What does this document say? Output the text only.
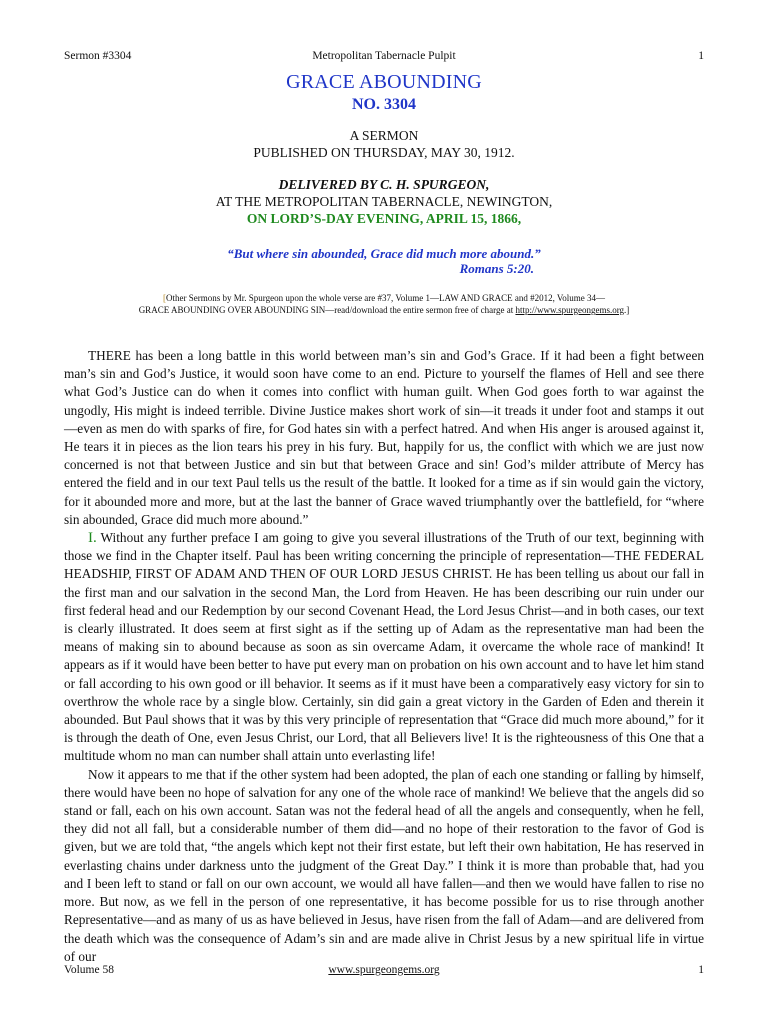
Sermon #3304	Metropolitan Tabernacle Pulpit	1
GRACE ABOUNDING
NO. 3304
A SERMON
PUBLISHED ON THURSDAY, MAY 30, 1912.
DELIVERED BY C. H. SPURGEON,
AT THE METROPOLITAN TABERNACLE, NEWINGTON,
ON LORD’S-DAY EVENING, APRIL 15, 1866,
“But where sin abounded, Grace did much more abound.”
Romans 5:20.
[Other Sermons by Mr. Spurgeon upon the whole verse are #37, Volume 1—LAW AND GRACE and #2012, Volume 34—
GRACE ABOUNDING OVER ABOUNDING SIN—read/download the entire sermon free of charge at http://www.spurgeongems.org.]

THERE has been a long battle in this world between man’s sin and God’s Grace. If it had been a fight between man’s sin and God’s Justice, it would soon have come to an end. Picture to yourself the flames of Hell and see there what God’s Justice can do when it comes into conflict with human guilt. When God goes forth to war against the ungodly, His might is indeed terrible. Divine Justice makes short work of sin—it treads it under foot and stamps it out—even as men do with sparks of fire, for God hates sin with a perfect hatred. And when His anger is aroused against it, He tears it in pieces as the lion tears his prey in his fury. But, happily for us, the conflict with which we are just now concerned is not that between Justice and sin but that between Grace and sin! God’s milder attribute of Mercy has entered the field and in our text Paul tells us the result of the battle. It looked for a time as if sin would gain the victory, for it abounded more and more, but at the last the banner of Grace waved triumphantly over the battlefield, for “where sin abounded, Grace did much more abound.”

I. Without any further preface I am going to give you several illustrations of the Truth of our text, beginning with those we find in the Chapter itself. Paul has been writing concerning the principle of representation—THE FEDERAL HEADSHIP, FIRST OF ADAM AND THEN OF OUR LORD JESUS CHRIST. He has been telling us about our fall in the first man and our salvation in the second Man, the Lord from Heaven. He has been describing our ruin under our first federal head and our Redemption by our second Covenant Head, the Lord Jesus Christ—and in both cases, our text is clearly illustrated. It does seem at first sight as if the setting up of Adam as the representative man had been the means of making sin to abound because as soon as sin overcame Adam, it overcame the whole race of mankind! It appears as if it would have been better to have put every man on probation on his own account and to have let him stand or fall according to his own good or ill behavior. It seems as if it must have been a comparatively easy victory for sin to overthrow the whole race by a single blow. Certainly, sin did gain a great victory in the Garden of Eden and therein it abounded. But Paul shows that it was by this very principle of representation that “Grace did much more abound,” for it is through the death of One, even Jesus Christ, our Lord, that all Believers live! It is the righteousness of this One that a multitude whom no man can number shall attain unto everlasting life!

Now it appears to me that if the other system had been adopted, the plan of each one standing or falling by himself, there would have been no hope of salvation for any one of the whole race of mankind! We believe that the angels did so stand or fall, each on his own account. Satan was not the federal head of all the angels and consequently, when he fell, they did not all fall, but a considerable number of them did—and no hope of their restoration to the favor of God is given, but we are told that, “the angels which kept not their first estate, but left their own habitation, He has reserved in everlasting chains under darkness unto the judgment of the Great Day.” I think it is more than probable that, had you and I been left to stand or fall on our own account, we would all have fallen—and then we would have fallen to rise no more. But now, as we fell in the person of one representative, it has become possible for us to rise through another Representative—and as many of us as have believed in Jesus, have risen from the fall of Adam—and are delivered from the death which was the consequence of Adam’s sin and are made alive in Christ Jesus by a new spiritual life in virtue of our

Volume 58	www.spurgeongems.org	1
